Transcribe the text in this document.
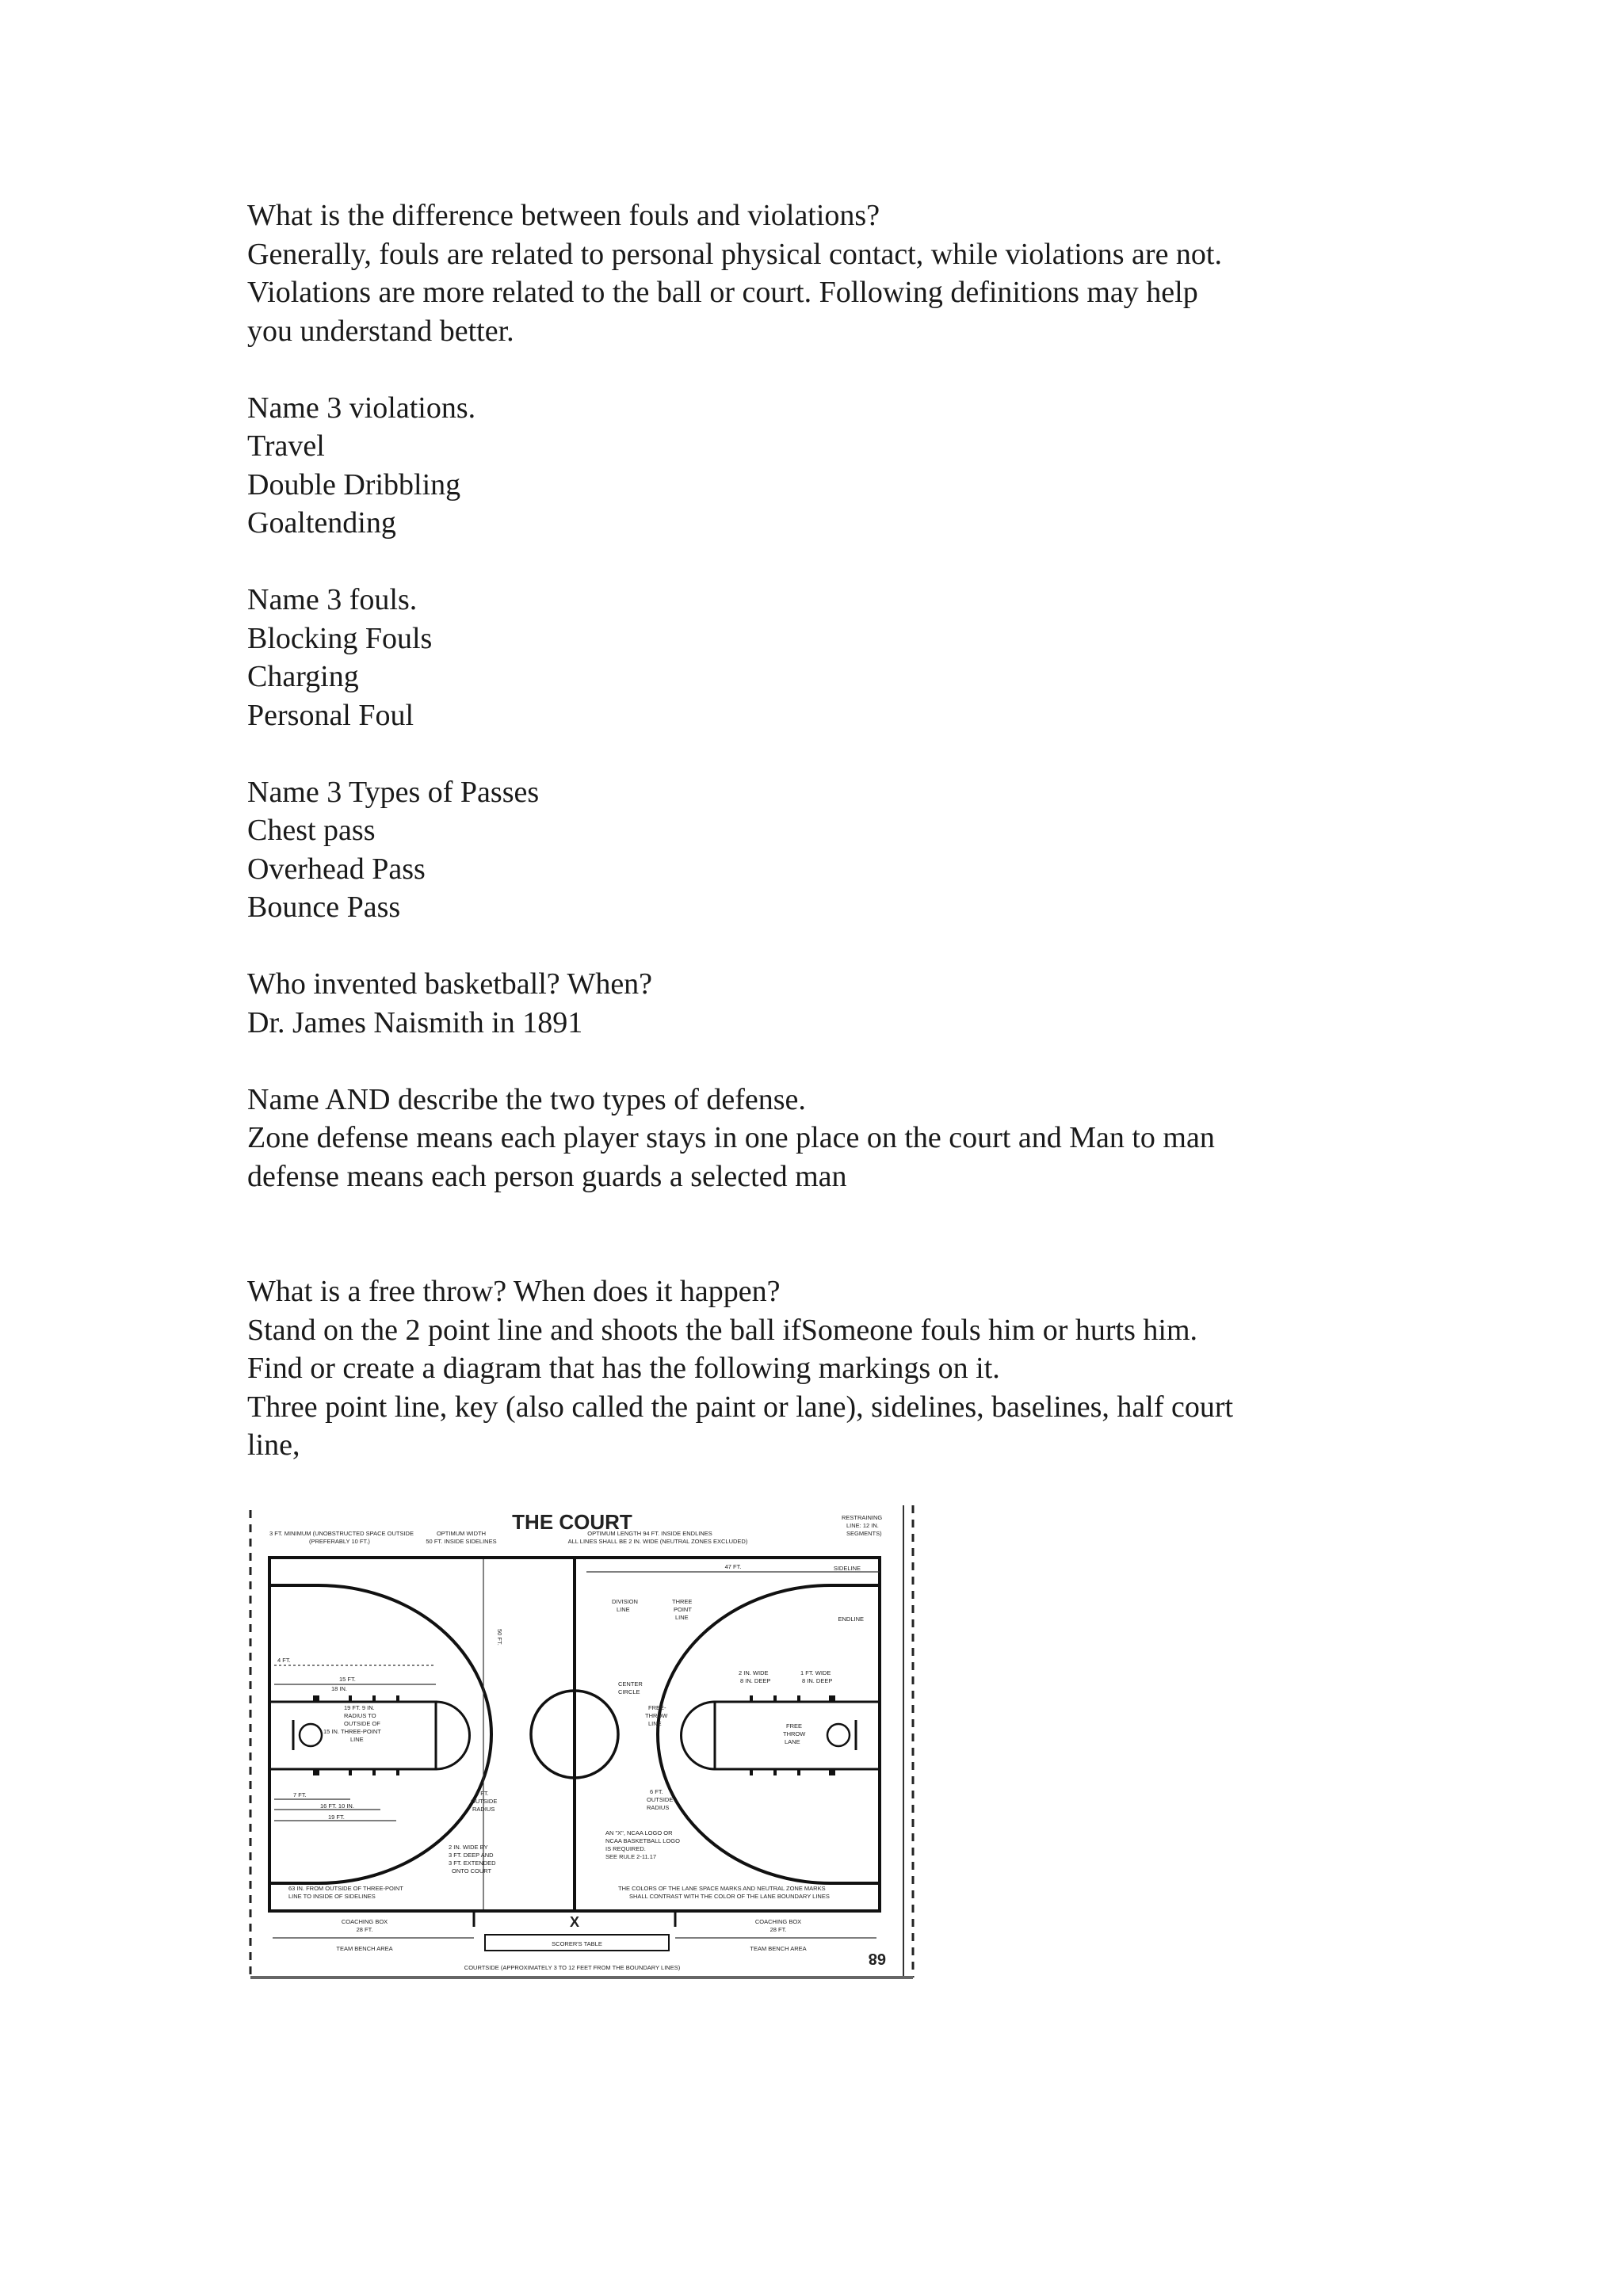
What is the difference between fouls and violations?
Generally, fouls are related to personal physical contact, while violations are not.
Violations are more related to the ball or court. Following definitions may help
you understand better.
Name 3 violations.
Travel
Double Dribbling
Goaltending
Name 3 fouls.
Blocking Fouls
Charging
Personal Foul
Name 3 Types of Passes
Chest pass
Overhead Pass
Bounce Pass
Who invented basketball? When?
Dr. James Naismith in 1891
Name AND describe the two types of defense.
Zone defense means each player stays in one place on the court and Man to man
defense means each person guards a selected man
What is a free throw? When does it happen?
Stand on the 2 point line and shoots the ball ifSomeone fouls him or hurts him.
Find or create a diagram that has the following markings on it.
Three point line, key (also called the paint or lane), sidelines, baselines, half court
line,
THE COURT
3 FT. MINIMUM (UNOBSTRUCTED SPACE OUTSIDE
(PREFERABLY 10 FT.)
OPTIMUM WIDTH
50 FT. INSIDE SIDELINES
OPTIMUM LENGTH 94 FT. INSIDE ENDLINES
ALL LINES SHALL BE 2 IN. WIDE (NEUTRAL ZONES EXCLUDED)
RESTRAINING
LINE: 12 IN.
SEGMENTS)
SIDELINE
ENDLINE
47 FT.
50 FT.
DIVISION
LINE
THREE
POINT
LINE
CENTER
CIRCLE
FREE-
THROW
LINE
6 FT.
OUTSIDE
RADIUS
6 FT.
OUTSIDE
RADIUS
FREE
THROW
LANE
2 IN. WIDE
8 IN. DEEP
1 FT. WIDE
8 IN. DEEP
15 FT.
18 IN.
19 FT. 9 IN.
RADIUS TO
OUTSIDE OF
THREE-POINT
LINE
15 IN.
4 FT.
7 FT.
16 FT. 10 IN.
19 FT.
AN "X", NCAA LOGO OR
NCAA BASKETBALL LOGO
IS REQUIRED.
SEE RULE 2-11.17
2 IN. WIDE BY
3 FT. DEEP AND
3 FT. EXTENDED
ONTO COURT
63 IN. FROM OUTSIDE OF THREE-POINT
LINE TO INSIDE OF SIDELINES
THE COLORS OF THE LANE SPACE MARKS AND NEUTRAL ZONE MARKS
SHALL CONTRAST WITH THE COLOR OF THE LANE BOUNDARY LINES
COACHING BOX
28 FT.
TEAM BENCH AREA
COACHING BOX
28 FT.
TEAM BENCH AREA
X
SCORER'S TABLE
COURTSIDE (APPROXIMATELY 3 TO 12 FEET FROM THE BOUNDARY LINES)
68
